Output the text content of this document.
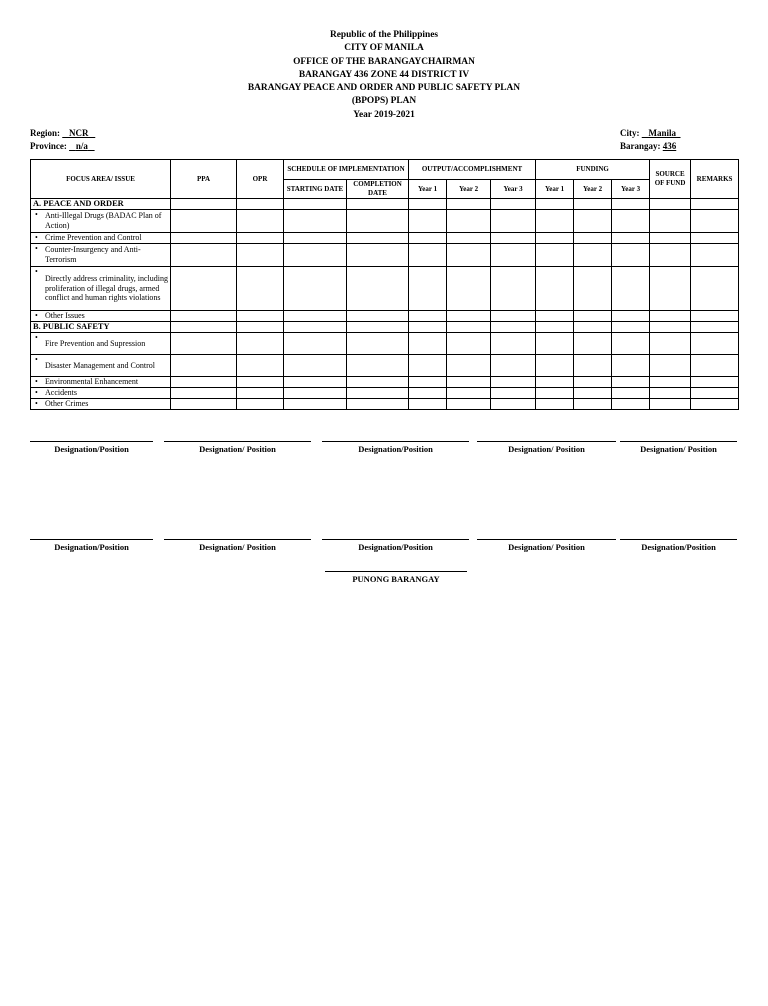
Republic of the Philippines
CITY OF MANILA
OFFICE OF THE BARANGAYCHAIRMAN
BARANGAY 436 ZONE 44 DISTRICT IV
BARANGAY PEACE AND ORDER AND PUBLIC SAFETY PLAN
(BPOPS) PLAN
Year 2019-2021
Region: NCR
Province: n/a
City: Manila
Barangay: 436
FOCUS AREA/ ISSUE	PPA	OPR	SCHEDULE OF IMPLEMENTATION		OUTPUT/ACCOMPLISHMENT			FUNDING			SOURCE OF FUND	REMARKS
			STARTING DATE	COMPLETION DATE	Year 1	Year 2	Year 3	Year 1	Year 2	Year 3		
A. PEACE AND ORDER												
• Anti-Illegal Drugs (BADAC Plan of Action)												
• Crime Prevention and Control												
• Counter-Insurgency and Anti-Terrorism												
• Directly address criminality, including proliferation of illegal drugs, armed conflict and human rights violations												
• Other Issues												
B. PUBLIC SAFETY												
• Fire Prevention and Supression												
• Disaster Management and Control												
• Environmental Enhancement												
• Accidents												
• Other Crimes												
Designation/Position	Designation/ Position	Designation/Position	Designation/ Position	Designation/ Position
Designation/Position	Designation/ Position	Designation/Position	Designation/ Position	Designation/Position
PUNONG BARANGAY
